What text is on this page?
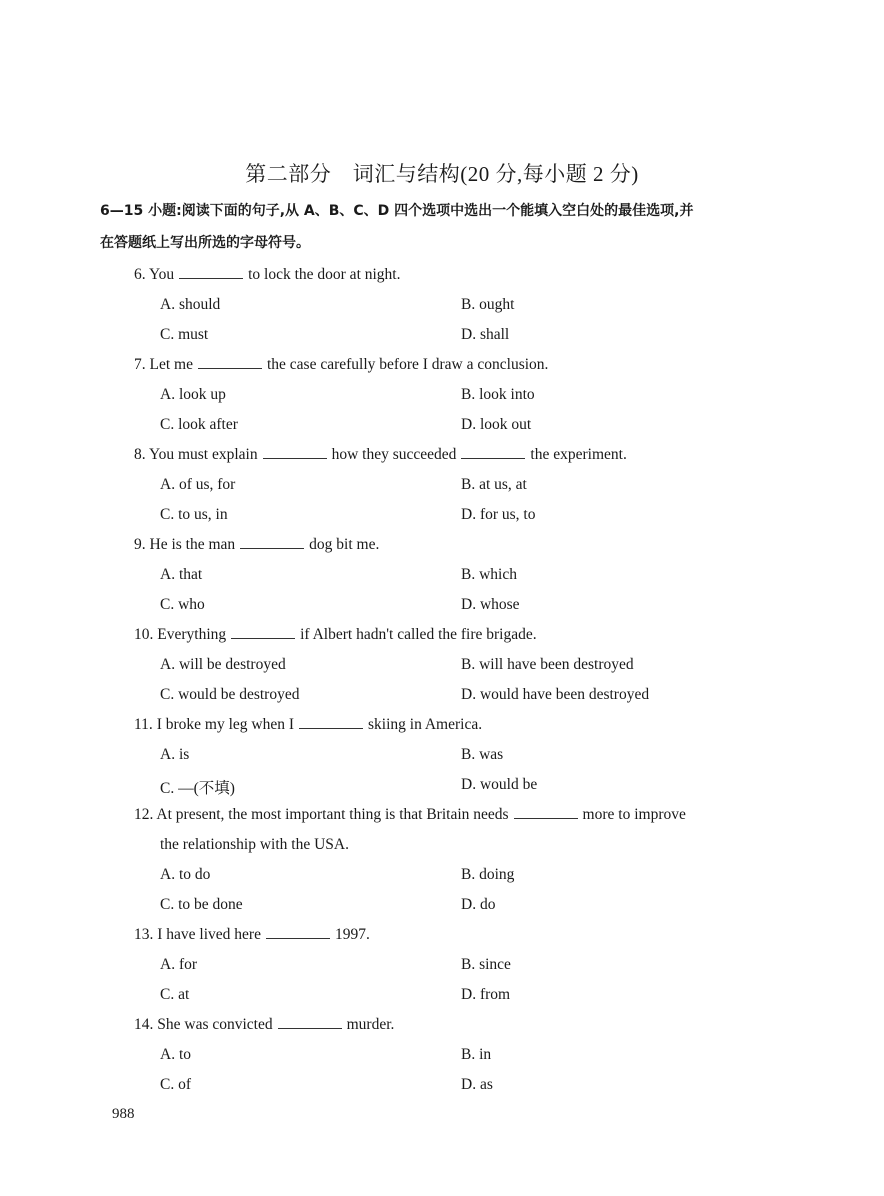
第二部分　词汇与结构(20 分,每小题 2 分)
6—15 小题:阅读下面的句子,从 A、B、C、D 四个选项中选出一个能填入空白处的最佳选项,并
在答题纸上写出所选的字母符号。
6. You	to lock the door at night.
A. should	B. ought
C. must	D. shall
7. Let me	the case carefully before I draw a conclusion.
A. look up	B. look into
C. look after	D. look out
8. You must explain	how they succeeded	the experiment.
A. of us, for	B. at us, at
C. to us, in	D. for us, to
9. He is the man	dog bit me.
A. that	B. which
C. who	D. whose
10. Everything	if Albert hadn't called the fire brigade.
A. will be destroyed	B. will have been destroyed
C. would be destroyed	D. would have been destroyed
11. I broke my leg when I	skiing in America.
A. is	B. was
C. —(不填)	D. would be
12. At present, the most important thing is that Britain needs	more to improve
the relationship with the USA.
A. to do	B. doing
C. to be done	D. do
13. I have lived here	1997.
A. for	B. since
C. at	D. from
14. She was convicted	murder.
A. to	B. in
C. of	D. as
988
